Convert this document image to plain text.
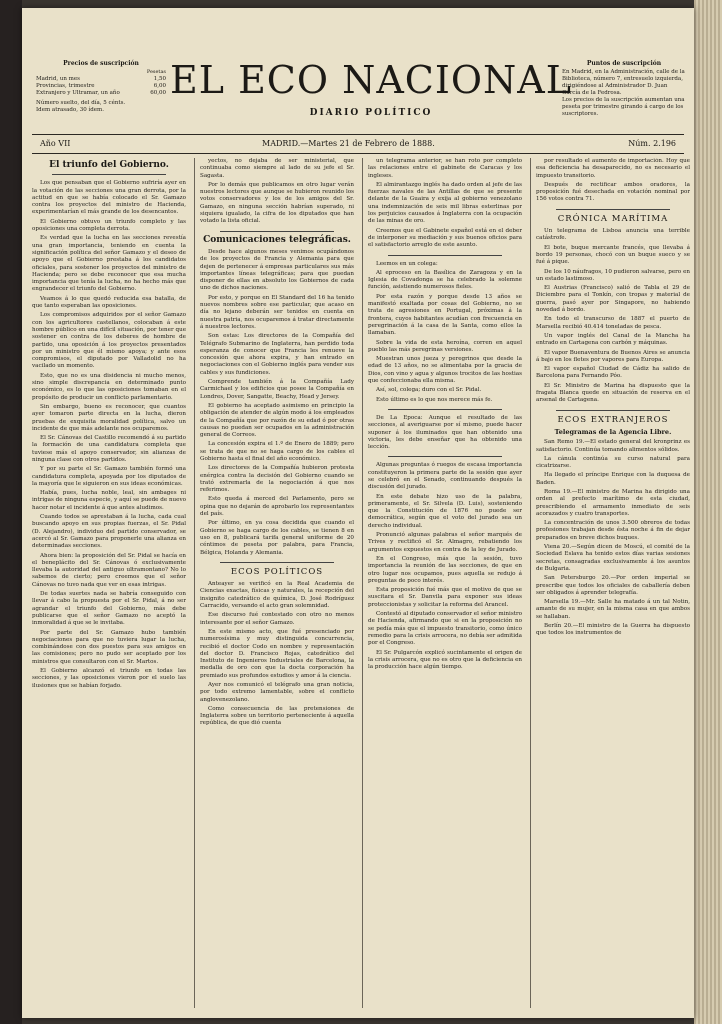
Precios de suscripción
Pesetas
Madrid, un mes	1,50
Provincias, trimestre	6,00
Extranjero y Ultramar, un año	60,00
Número suelto, del día, 5 cénts.
Idem atrasado, 30 ídem.
EL ECO NACIONAL
DIARIO POLÍTICO
Puntos de suscripción
En Madrid, en la Administración, calle de la Biblioteca, número 7, entresuelo izquierda, dirigiéndose al Administrador D. Juan García de la Fedrosa.
Los precios de la suscripción aumentan una peseta por trimestre girando á cargo de los suscriptores.
Año VII	MADRID.—Martes 21 de Febrero de 1888.	Núm. 2.196
El triunfo del Gobierno.

Los que pensaban que el Gobierno sufriría ayer en la votación de las secciones una gran derrota, por la actitud en que se había colocado el Sr. Gamazo contra los proyectos del ministro de Hacienda, experimentarían el más grande de los desencantos.

El Gobierno obtuvo un triunfo completo y las oposiciones una completa derrota.

Es verdad que la lucha en las secciones revestía una gran importancia, teniendo en cuenta la significación política del señor Gamazo y el deseo de apoyo que el Gobierno prestaba á los candidatos oficiales, para sostener los proyectos del ministro de Hacienda; pero se debe reconocer que esa mucha importancia que tenía la lucha, no ha hecho más que engrandecer el triunfo del Gobierno.

Veamos á lo que quedó reducida esa batalla, de que tanto esperaban las oposiciones.

Los compromisos adquiridos por el señor Gamazo con los agricultores castellanos, colocaban á este hombre público en una difícil situación, por tener que sostener en contra de los deberes de hombre de partido, una oposición á los proyectos presentados por un ministro que él mismo apoya; y ante esos compromisos, el diputado por Valladolid no ha vacilado un momento.

Esto, que no es una disidencia ni mucho menos, sino simple discrepancia en determinado punto económico, es lo que las oposiciones tomaban en el propósito de producir un conflicto parlamentario.

Sin embargo, bueno es reconocer, que cuantos ayer tomaron parte directa en la lucha, dieron pruebas de exquisita moralidad política, salvo un incidente de que más adelante nos ocuparemos.

El Sr. Cánovas del Castillo recomendó á su partido la formación de una candidatura completa que tuviese más el apoyo conservador, sin alianzas de ninguna clase con otros partidos.

Y por su parte el Sr. Gamazo también formó una candidatura completa, apoyada por los diputados de la mayoría que le siguieron en sus ideas económicas.

Había, pues, lucha noble, leal, sin ambages ni intrigas de ninguna especie, y aquí se puede de nuevo hacer notar el incidente á que antes aludimos.

Cuando todos se aprestaban á la lucha, cada cual buscando apoyo en sus propias fuerzas, el Sr. Pidal (D. Alejandro), individuo del partido conservador, se acercó al Sr. Gamazo para proponerle una alianza en determinadas secciones.

Ahora bien: la proposición del Sr. Pidal se hacía en el beneplácito del Sr. Cánovas ó exclusivamente llevaba la autoridad del antiguo ultramontano? No lo sabemos de cierto; pero creemos que el señor Cánovas no tuvo nada que ver en esas intrigas.

De todas suertes nada se habría conseguido con llevar á cabo la propuesta por el Sr. Pidal, á no ser agrandar el triunfo del Gobierno, más debe publicarse que el señor Gamazo no aceptó la inmoralidad á que se le invitaba.

Por parte del Sr. Gamazo hubo también negociaciones para que no tuviera lugar la lucha, combinándose con dos puestos para sus amigos en las comisiones; pero no pudo ser aceptado por los ministros que consultaron con el Sr. Martos.

El Gobierno alcanzó el triunfo en todas las secciones, y las oposiciones vieron por el suelo las ilusiones que se habían forjado.

yectos, no dejaba de ser ministerial, que continuaba como siempre al lado de su jefe el Sr. Sagasta.

Por lo demás que publicamos en otro lugar verán nuestros lectores que aunque se hubieron reunido los votos conservadores y los de los amigos del Sr. Gamazo, en ninguna sección habrían superado, ni siquiera igualado, la cifra de los diputados que han votado la lista oficial.

Comunicaciones telegráficas.

Desde hace algunos meses venimos ocupándonos de los proyectos de Francia y Alemania para que dejen de pertenecer á empresas particulares sus más importantes líneas telegráficas; para que puedan disponer de ellas en absoluto los Gobiernos de cada uno de dichos naciones.

Por esto, y porque en El Standard del 16 ha tenido nuevos nombres sobre ese particular, que acaso en día no lejano deberán ser tenidos en cuenta en nuestra patria, nos ocuparemos á tratar directamente á nuestros lectores.

Son estas: Los directores de la Compañía del Telégrafo Submarino de Inglaterra, han perdido toda esperanza de conocer que Francia les renueve la concesión que ahora expira, y han entrado en negociaciones con el Gobierno inglés para vender sus cables y sus fundiciones.

Comprende también á la Compañía Lady Carmichael y los edificios que posee la Compañía en Londres, Dover, Sangatte, Beachy, Head y Jersey.

El gobierno ha aceptado asimismo en principio la obligación de atender de algún modo á los empleados de la Compañía que por razón de su edad ó por otras causas no puedan ser ocupados en la administración general de Correos.

La concesión expira el 1.º de Enero de 1889; pero se trata de que no se haga cargo de los cables el Gobierno hasta el final del año económico.

Los directores de la Compañía hubieron protesta enérgica contra la decisión del Gobierno cuando se trató extremarla de la negociación á que nos referimos.

Esto queda á merced del Parlamento, pero se opina que no dejarán de aprobarlo los representantes del país.

Por último, en ya cosa decidida que cuando el Gobierno se haga cargo de los cables, se tienen 8 en uso en 8, publicará tarifa general uniforme de 20 céntimos de peseta por palabra, para Francia, Bélgica, Holanda y Alemania.

ECOS POLÍTICOS

Anteayer se verificó en la Real Academia de Ciencias exactas, físicas y naturales, la recepción del insignito catedrático de química, D. José Rodríguez Carracido, versando el acto gran solemnidad.

Ese discurso fué contestado con otro no menos interesante por el señor Gamazo.

En este mismo acto, que fué presenciado por numerosísima y muy distinguida concurrencia, recibió el doctor Codo en nombre y representación del doctor D. Francisco Rojas, catedrático del Instituto de Ingenieros Industriales de Barcelona, la medalla de oro con que la docta corporación ha premiado sus profundos estudios y amor á la ciencia.

Ayer nos comunicó el telégrafo una gran noticia, por todo extremo lamentable, sobre el conflicto anglovenezolano.

Como consecuencia de las pretensiones de Inglaterra sobre un territorio perteneciente á aquella república, de que dió cuenta

un telegrama anterior, se han roto por completo las relaciones entre el gabinete de Caracas y los ingleses.

El almirantazgo inglés ha dado orden al jefe de las fuerzas navales de las Antillas de que se presente delante de la Guaira y exija al gobierno venezolano una indemnización de seis mil libras esterlinas por los perjuicios causados á Inglaterra con la ocupación de las minas de oro.

Creemos que el Gabinete español está en el deber de interponer su mediación y sus buenos oficios para el satisfactorio arreglo de este asunto.

Leemos en un colega:

Al eproceso en la Basílica de Zaragoza y en la Iglesia de Covadonga se ha celebrado la solemne función, asistiendo numerosos fieles.

Por esta razón y porque desde 13 años se manifestó exaltada por cosas del Gobierno, no se trata de agresiones en Portugal, próximas á la frontera, cuyos habitantes acudían con frecuencia en peregrinación á la casa de la Santa, como ellos la llamaban.

Sobre la vida de esta heroína, corren en aquel pueblo las más peregrinas versiones.

Muestran unos jueza y peregrinos que desde la edad de 13 años, no se alimentaba por la gracia de Dios, con vino y agua y algunos trocitos de las hostias que confeccionaba ella misma.

Así, sol, colega; duro con el Sr. Pidal.

Esto último es lo que nos merece más fe.

De La Epoca: Aunque el resultado de las secciones, al averiguarse por sí mismo, puede hacer suponer á los iluminados que han obtenido una victoria, les debe enseñar que ha obtenido una lección.

Algunas preguntas ó ruegos de escasa importancia constituyeron la primera parte de la sesión que ayer se celebró en el Senado, continuando después la discusión del jurado.

En este debate hizo uso de la palabra, primeramente, el Sr. Silvela (D. Luis), sosteniendo que la Constitución de 1876 no puede ser democrática, según que el voto del jurado sea un derecho individual.

Pronunció algunas palabras el señor marqués de Trives y rectificó el Sr. Almagro, rebatiendo los argumentos expuestos en contra de la ley de Jurado.

En el Congreso, más que la sesión, tuvo importancia la reunión de las secciones, de que en otro lugar nos ocupamos, pues aquella se redujo á preguntas de poco interés.

Esta proposición fué más que el motivo de que se suscitara el Sr. Danvila para exponer sus ideas proteccionistas y solicitar la reforma del Arancel.

Contestó al diputado conservador el señor ministro de Hacienda, afirmando que si en la proposición no se pedía más que el impuesto transitorio, como único remedio para la crisis arrocera, no debía ser admitida por el Congreso.

El Sr. Pulgarcón explicó sucintamente el origen de la crisis arrocera, que no es otro que la deficiencia en la producción hace algún tiempo.

por resultado el aumento de importación. Hoy que esa deficiencia ha desaparecido, no es necesario el impuesto transitorio.

Después de rectificar ambos oradores, la proposición fué desechada en votación nominal por 156 votos contra 71.

CRÓNICA MARÍTIMA

Un telegrama de Lisboa anuncia una terrible catástrofe.

El bote, buque mercante francés, que llevaba á bordo 19 personas, chocó con un buque sueco y se fué á pique.

De los 10 náufragos, 10 pudieron salvarse, pero en un estado lastimoso.

El Austrias (Francisco) salió de Tabla el 29 de Diciembre para el Tonkín, con tropas y material de guerra, pasó ayer por Singapore, no habiendo novedad á bordo.

En todo el transcurso de 1887 el puerto de Marsella recibió 40.414 toneladas de pesca.

Un vapor inglés del Canal de la Mancha ha entrado en Cartagena con carbón y máquinas.

El vapor Buenaventura de Buenos Aires se anuncia á bajo en los fletes por vapores para Europa.

El vapor español Ciudad de Cádiz ha salido de Barcelona para Fernando Póo.

El Sr. Ministro de Marina ha dispuesto que la fragata Blanca quede en situación de reserva en el arsenal de Cartagena.

ECOS EXTRANJEROS
Telegramas de la Agencia Libre.

San Remo 19.—El estado general del kronprinz es satisfactorio. Continúa tomando alimentos sólidos.

La cánula continúa su curso natural para cicatrizarse.

Ha llegado el príncipe Enrique con la duquesa de Baden.

Roma 19.—El ministro de Marina ha dirigido una orden al prefecto marítimo de esta ciudad, prescribiendo el armamento inmediato de seis acorazados y cuatro transportes.

La concentración de unos 3.500 obreros de todas profesiones trabajan desde ésta noche á fin de dejar preparados en breve dichos buques.

Viena 20.—Según dicen de Moscú, el comité de la Sociedad Eslava ha tenido estos días varias sesiones secretas, consagradas exclusivamente á los asuntos de Bulgaria.

San Petersburgo 20.—Por orden imperial se prescribe que todos los oficiales de caballería deben ser obligados á aprender telegrafía.

Marsella 19.—Mr. Salle ha matado á un tal Notin, amante de su mujer, en la misma casa en que ambos se hallaban.

Berlín 20.—El ministro de la Guerra ha dispuesto que todos los instrumentos de
